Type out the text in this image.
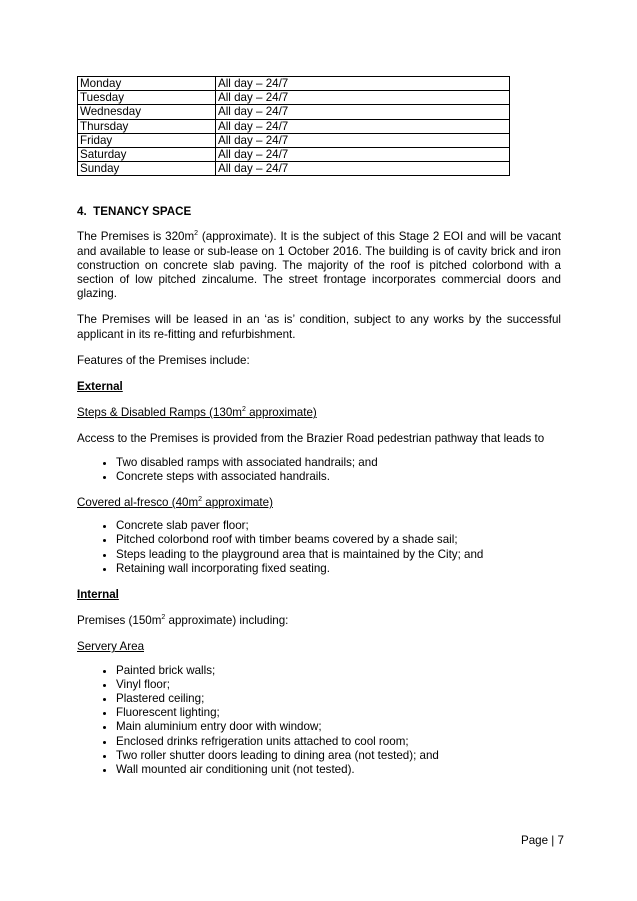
Monday	All day – 24/7
Tuesday	All day – 24/7
Wednesday	All day – 24/7
Thursday	All day – 24/7
Friday	All day – 24/7
Saturday	All day – 24/7
Sunday	All day – 24/7
4. TENANCY SPACE

The Premises is $320m^2$ (approximate). It is the subject of this Stage 2 EOI and will be vacant and available to lease or sub-lease on 1 October 2016. The building is of cavity brick and iron construction on concrete slab paving. The majority of the roof is pitched colorbond with a section of low pitched zincalume. The street frontage incorporates commercial doors and glazing.

The Premises will be leased in an ‘as is’ condition, subject to any works by the successful applicant in its re-fitting and refurbishment.

Features of the Premises include:

External

Steps & Disabled Ramps ($130m^2$ approximate)

Access to the Premises is provided from the Brazier Road pedestrian pathway that leads to

• Two disabled ramps with associated handrails; and
• Concrete steps with associated handrails.

Covered al-fresco ($40m^2$ approximate)

• Concrete slab paver floor;
• Pitched colorbond roof with timber beams covered by a shade sail;
• Steps leading to the playground area that is maintained by the City; and
• Retaining wall incorporating fixed seating.

Internal

Premises ($150m^2$ approximate) including:

Servery Area

• Painted brick walls;
• Vinyl floor;
• Plastered ceiling;
• Fluorescent lighting;
• Main aluminium entry door with window;
• Enclosed drinks refrigeration units attached to cool room;
• Two roller shutter doors leading to dining area (not tested); and
• Wall mounted air conditioning unit (not tested).
Page | 7
